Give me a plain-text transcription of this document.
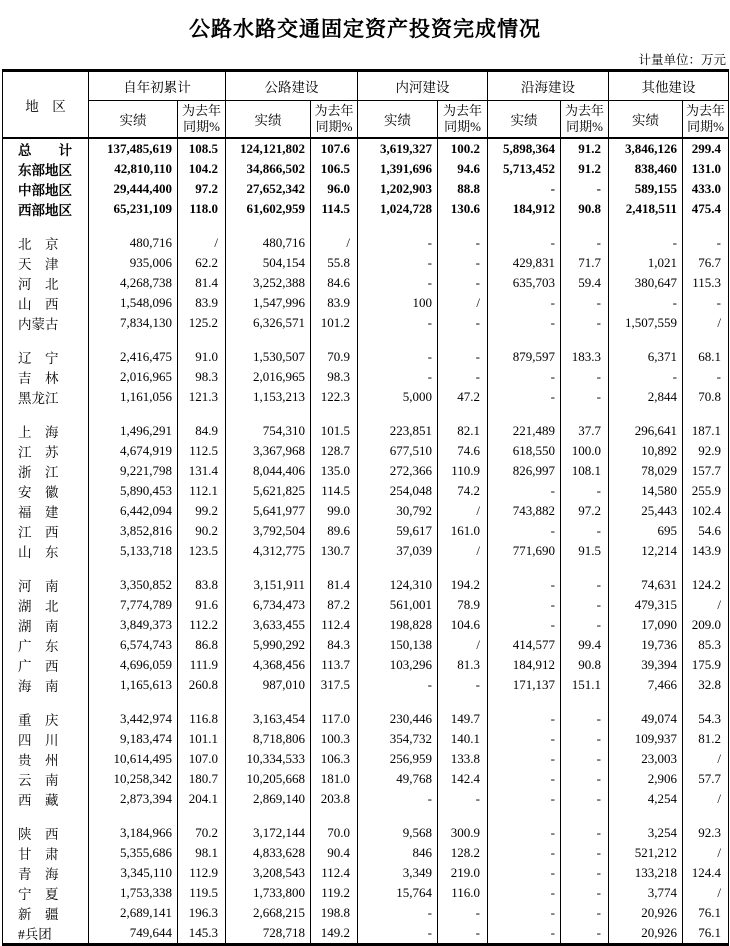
公路水路交通固定资产投资完成情况
计量单位：万元
地　区	自年初累计		公路建设		内河建设		沿海建设		其他建设	
	实绩	为去年同期%	实绩	为去年同期%	实绩	为去年同期%	实绩	为去年同期%	实绩	为去年同期%
总　　计	137,485,619	108.5	124,121,802	107.6	3,619,327	100.2	5,898,364	91.2	3,846,126	299.4
东部地区	42,810,110	104.2	34,866,502	106.5	1,391,696	94.6	5,713,452	91.2	838,460	131.0
中部地区	29,444,400	97.2	27,652,342	96.0	1,202,903	88.8	-	-	589,155	433.0
西部地区	65,231,109	118.0	61,602,959	114.5	1,024,728	130.6	184,912	90.8	2,418,511	475.4

北　京	480,716	/	480,716	/	-	-	-	-	-	-
天　津	935,006	62.2	504,154	55.8	-	-	429,831	71.7	1,021	76.7
河　北	4,268,738	81.4	3,252,388	84.6	-	-	635,703	59.4	380,647	115.3
山　西	1,548,096	83.9	1,547,996	83.9	100	/	-	-	-	-
内蒙古	7,834,130	125.2	6,326,571	101.2	-	-	-	-	1,507,559	/

辽　宁	2,416,475	91.0	1,530,507	70.9	-	-	879,597	183.3	6,371	68.1
吉　林	2,016,965	98.3	2,016,965	98.3	-	-	-	-	-	-
黑龙江	1,161,056	121.3	1,153,213	122.3	5,000	47.2	-	-	2,844	70.8

上　海	1,496,291	84.9	754,310	101.5	223,851	82.1	221,489	37.7	296,641	187.1
江　苏	4,674,919	112.5	3,367,968	128.7	677,510	74.6	618,550	100.0	10,892	92.9
浙　江	9,221,798	131.4	8,044,406	135.0	272,366	110.9	826,997	108.1	78,029	157.7
安　徽	5,890,453	112.1	5,621,825	114.5	254,048	74.2	-	-	14,580	255.9
福　建	6,442,094	99.2	5,641,977	99.0	30,792	/	743,882	97.2	25,443	102.4
江　西	3,852,816	90.2	3,792,504	89.6	59,617	161.0	-	-	695	54.6
山　东	5,133,718	123.5	4,312,775	130.7	37,039	/	771,690	91.5	12,214	143.9

河　南	3,350,852	83.8	3,151,911	81.4	124,310	194.2	-	-	74,631	124.2
湖　北	7,774,789	91.6	6,734,473	87.2	561,001	78.9	-	-	479,315	/
湖　南	3,849,373	112.2	3,633,455	112.4	198,828	104.6	-	-	17,090	209.0
广　东	6,574,743	86.8	5,990,292	84.3	150,138	/	414,577	99.4	19,736	85.3
广　西	4,696,059	111.9	4,368,456	113.7	103,296	81.3	184,912	90.8	39,394	175.9
海　南	1,165,613	260.8	987,010	317.5	-	-	171,137	151.1	7,466	32.8

重　庆	3,442,974	116.8	3,163,454	117.0	230,446	149.7	-	-	49,074	54.3
四　川	9,183,474	101.1	8,718,806	100.3	354,732	140.1	-	-	109,937	81.2
贵　州	10,614,495	107.0	10,334,533	106.3	256,959	133.8	-	-	23,003	/
云　南	10,258,342	180.7	10,205,668	181.0	49,768	142.4	-	-	2,906	57.7
西　藏	2,873,394	204.1	2,869,140	203.8	-	-	-	-	4,254	/

陕　西	3,184,966	70.2	3,172,144	70.0	9,568	300.9	-	-	3,254	92.3
甘　肃	5,355,686	98.1	4,833,628	90.4	846	128.2	-	-	521,212	/
青　海	3,345,110	112.9	3,208,543	112.4	3,349	219.0	-	-	133,218	124.4
宁　夏	1,753,338	119.5	1,733,800	119.2	15,764	116.0	-	-	3,774	/
新　疆	2,689,141	196.3	2,668,215	198.8	-	-	-	-	20,926	76.1
#兵团	749,644	145.3	728,718	149.2	-	-	-	-	20,926	76.1
